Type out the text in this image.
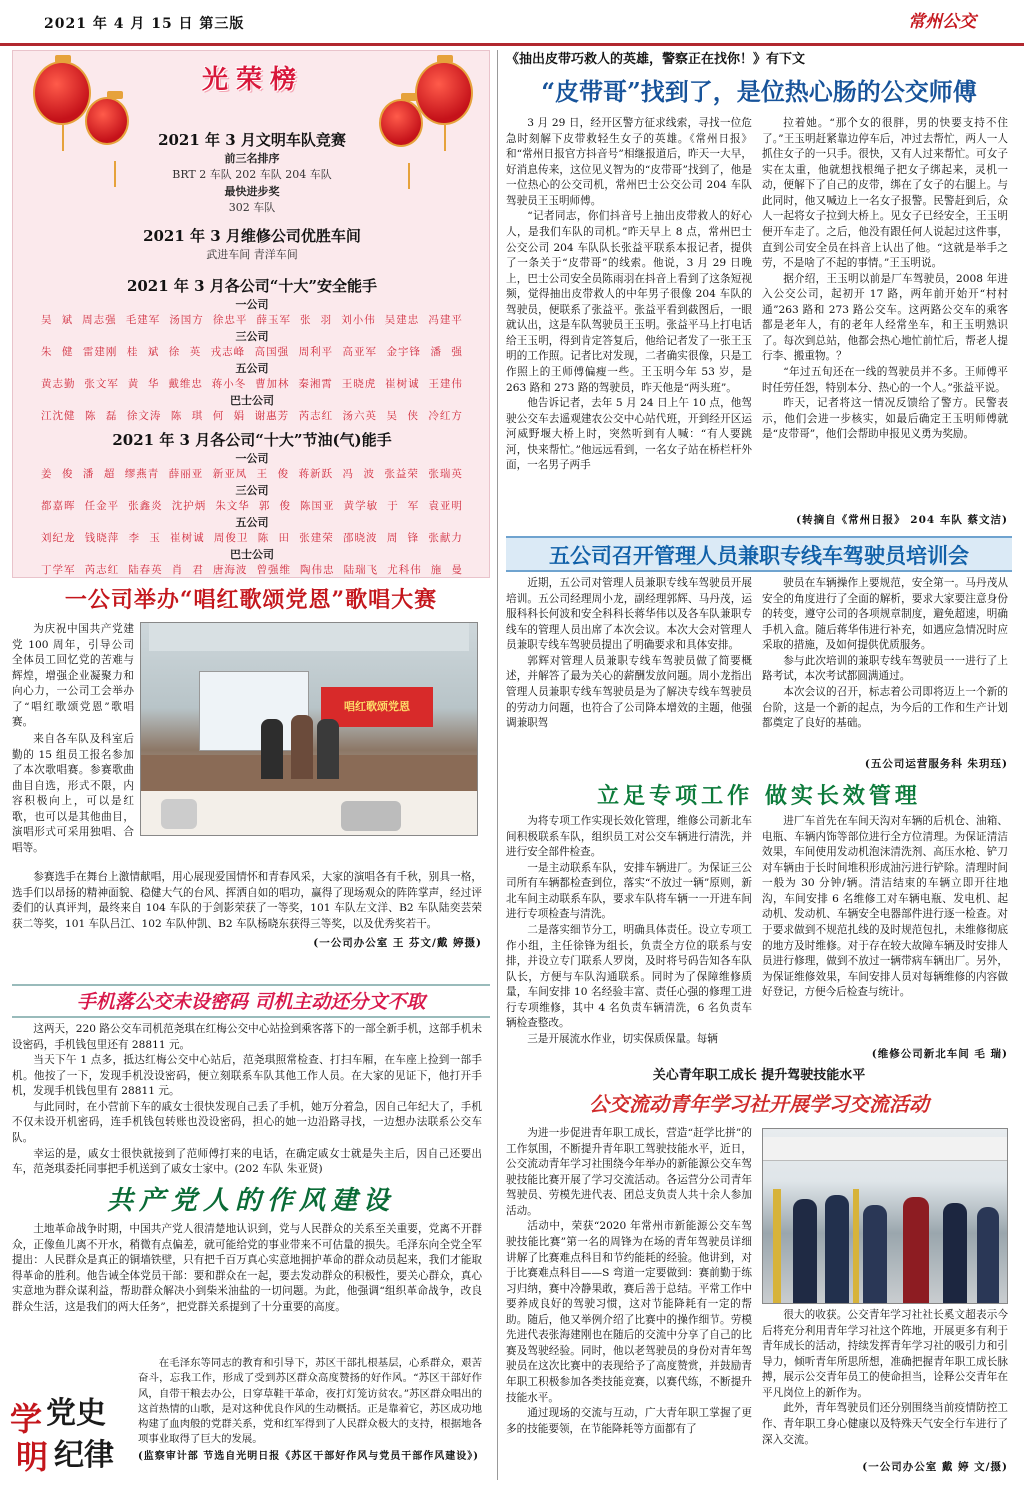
2021 年 4 月 15 日 第三版	常州公交
光荣榜
2021 年 3 月文明车队竞赛
前三名排序
BRT 2 车队 202 车队 204 车队
最快进步奖
302 车队
2021 年 3 月维修公司优胜车间
武进车间 青洋车间
2021 年 3 月各公司“十大”安全能手
一公司
吴 斌 周志强 毛建军 汤国方 徐忠平 薛玉军 张 羽 刘小伟 吴建忠 冯建平
三公司
朱 健 雷建刚 桂 斌 徐 英 戎志峰 高国强 周利平 高亚军 金宇锋 潘 强
五公司
黄志勤 张文军 黄 华 戴维忠 蒋小冬 曹加林 秦湘霄 王晓虎 崔树诚 王建伟
巴士公司
江沈健 陈 磊 徐文涛 陈 琪 何 娟 谢惠芳 芮志红 汤六英 吴 侠 冷红方
2021 年 3 月各公司“十大”节油(气)能手
一公司
姜 俊 潘 超 缪燕青 薛丽亚 新亚凤 王 俊 蒋新跃 冯 波 张益荣 张瑞英
三公司
都嘉晖 任金平 张鑫炎 沈护炳 朱文华 郭 俊 陈国亚 黄学敏 于 军 袁亚明
五公司
刘纪龙 钱晓萍 李 玉 崔树诚 周俊卫 陈 田 张建荣 邵晓波 周 锋 张献力
巴士公司
丁学军 芮志红 陆春英 肖 君 唐海波 曾强维 陶伟忠 陆瑞飞 尤科伟 施 曼
一公司举办“唱红歌颂党恩”歌唱大赛
唱红歌颂党恩

为庆祝中国共产党建党 100 周年，引导公司全体员工回忆党的苦难与辉煌，增强企业凝聚力和向心力，一公司工会举办了“唱红歌颂党恩”歌唱赛。

来自各车队及科室后勤的 15 组员工报名参加了本次歌唱赛。参赛歌曲曲目自选，形式不限，内容积极向上，可以是红歌，也可以是其他曲目，演唱形式可采用独唱、合唱等。

参赛选手在舞台上激情献唱，用心展现爱国情怀和青春风采，大家的演唱各有千秋，别具一格，选手们以昂扬的精神面貌、稳健大气的台风、挥洒自如的唱功，赢得了现场观众的阵阵掌声，经过评委们的认真评判，最终来自 104 车队的于剑影荣获了一等奖，101 车队左文洋、B2 车队陆奕芸荣获二等奖，101 车队吕江、102 车队仲凯、B2 车队杨晓东获得三等奖，以及优秀奖若干。

(一公司办公室 王 芬文/戴 婷摄)
手机落公交未设密码 司机主动还分文不取

这两天，220 路公交车司机范尧琪在红梅公交中心站捡到乘客落下的一部全新手机，这部手机未设密码，手机钱包里还有 28811 元。

当天下午 1 点多，抵达红梅公交中心站后，范尧琪照常检查、打扫车厢，在车座上捡到一部手机。他按了一下，发现手机没设密码，便立刻联系车队其他工作人员。在大家的见证下，他打开手机，发现手机钱包里有 28811 元。

与此同时，在小营前下车的戚女士很快发现自己丢了手机，她万分着急，因自己年纪大了，手机不仅未设开机密码，连手机钱包转账也没设密码，担心的她一边沿路寻找，一边想办法联系公交车队。

幸运的是，戚女士很快就接到了范师傅打来的电话，在确定戚女士就是失主后，因自己还要出车，范尧琪委托同事把手机送到了戚女士家中。(202 车队 朱亚贤)

共产党人的作风建设

土地革命战争时期，中国共产党人很清楚地认识到，党与人民群众的关系至关重要，党离不开群众，正像鱼儿离不开水，稍微有点偏差，就可能给党的事业带来不可估量的损失。毛泽东向全党全军提出：人民群众是真正的铜墙铁壁，只有把千百万真心实意地拥护革命的群众动员起来，我们才能取得革命的胜利。他告诫全体党员干部：要和群众在一起，要去发动群众的积极性，要关心群众，真心实意地为群众谋利益，帮助群众解决小到柴米油盐的一切问题。为此，他强调“组织革命战争，改良群众生活，这是我们的两大任务”，把党群关系提到了十分重要的高度。

学 党史
明 纪律

在毛泽东等同志的教育和引导下，苏区干部扎根基层，心系群众，艰苦奋斗，忘我工作，形成了受到苏区群众高度赞扬的好作风。“苏区干部好作风，自带干粮去办公，日穿草鞋干革命，夜打灯笼访贫农。”苏区群众唱出的这首热情的山歌，是对这种优良作风的生动概括。正是靠着它，苏区成功地构建了血肉般的党群关系，党和红军得到了人民群众极大的支持，根据地各项事业取得了巨大的发展。

(监察审计部 节选自光明日报《苏区干部好作风与党员干部作风建设》)
《抽出皮带巧救人的英雄，警察正在找你！》有下文
“皮带哥”找到了，是位热心肠的公交师傅

3 月 29 日，经开区警方征求线索，寻找一位危急时刻解下皮带救轻生女子的英雄。《常州日报》和“常州日报官方抖音号”相继报道后，昨天一大早，好消息传来，这位见义智为的“皮带哥”找到了，他是一位热心的公交司机，常州巴士公交公司 204 车队驾驶员王玉明师傅。

“记者同志，你们抖音号上抽出皮带救人的好心人，是我们车队的司机。”昨天早上 8 点，常州巴士公交公司 204 车队队长张益平联系本报记者，提供了一条关于“皮带哥”的线索。他说，3 月 29 日晚上，巴士公司安全员陈雨羽在抖音上看到了这条短视频，觉得抽出皮带救人的中年男子很像 204 车队的驾驶员，便联系了张益平。张益平看到截图后，一眼就认出，这是车队驾驶员王玉明。张益平马上打电话给王玉明，得到肯定答复后，他给记者发了一张王玉明的工作照。记者比对发现，二者确实很像，只是工作照上的王师傅偏瘦一些。王玉明今年 53 岁，是 263 路和 273 路的驾驶员，昨天他是“两头班”。

他告诉记者，去年 5 月 24 日上午 10 点，他驾驶公交车去遥观建农公交中心站代班，开到经开区运河威野堰大桥上时，突然听到有人喊：“有人要跳河，快来帮忙。”他远远看到，一名女子站在桥栏杆外面，一名男子两手

拉着她。“那个女的很胖，男的快要支持不住了。”王玉明赶紧靠边停车后，冲过去帮忙，两人一人抓住女子的一只手。很快，又有人过来帮忙。可女子实在太重，他就想找根绳子把女子绑起来，灵机一动，便解下了自己的皮带，绑在了女子的右腿上。与此同时，他又喊边上一名女子报警。民警赶到后，众人一起将女子拉到大桥上。见女子已经安全，王玉明便开车走了。之后，他没有跟任何人说起过这件事，直到公司安全员在抖音上认出了他。“这就是举手之劳，不是啥了不起的事情。”王玉明说。

据介绍，王玉明以前是厂车驾驶员，2008 年进入公交公司，起初开 17 路，两年前开始开“村村通”263 路和 273 路公交车。这两路公交车的乘客都是老年人，有的老年人经常坐车，和王玉明熟识了。每次到总站，他都会热心地忙前忙后，帮老人提行李、搬重物。？

“年过五旬还在一线的驾驶员并不多。王师傅平时任劳任怨，特别本分、热心的一个人。”张益平说。

昨天，记者将这一情况反馈给了警方。民警表示，他们会进一步核实，如最后确定王玉明师傅就是“皮带哥”，他们会帮助申报见义勇为奖励。

(转摘自《常州日报》 204 车队 蔡文洁)
五公司召开管理人员兼职专线车驾驶员培训会

近期，五公司对管理人员兼职专线车驾驶员开展培训。五公司经理周小龙，副经理郭辉、马丹茂，运服科科长何波和安全科科长蒋华伟以及各车队兼职专线车的管理人员出席了本次会议。本次大会对管理人员兼职专线车驾驶员提出了明确要求和具体安排。

郭辉对管理人员兼职专线车驾驶员做了简要概述，并解答了最为关心的薪酬发放问题。周小龙指出管理人员兼职专线车驾驶员是为了解决专线车驾驶员的劳动力问题，也符合了公司降本增效的主题，他强调兼职驾

驶员在车辆操作上要规范，安全第一。马丹茂从安全的角度进行了全面的解析，要求大家要注意身份的转变，遵守公司的各项规章制度，避免超速，明确手机入盒。随后蒋华伟进行补充，如遇应急情况时应采取的措施，及如何提供优质服务。

参与此次培训的兼职专线车驾驶员一一进行了上路考试，本次考试都圆满通过。

本次会议的召开，标志着公司即将迈上一个新的台阶，这是一个新的起点，为今后的工作和生产计划都奠定了良好的基础。

(五公司运营服务科 朱玥珏)
立足专项工作 做实长效管理

为将专项工作实现长效化管理，维修公司新北车间积极联系车队，组织员工对公交车辆进行清洗，并进行安全部件检查。

一是主动联系车队，安排车辆进厂。为保证三公司所有车辆都检查到位，落实“不放过一辆”原则，新北车间主动联系车队，要求车队将车辆一一开进车间进行专项检查与清洗。

二是落实细节分工，明确具体责任。设立专项工作小组，主任徐锋为组长，负责全方位的联系与安排，并设立专门联系人罗岗，及时将号码告知各车队队长，方便与车队沟通联系。同时为了保障维修质量，车间安排 10 名经验丰富、责任心强的修理工进行专项维修，其中 4 名负责车辆清洗，6 名负责车辆检查整改。

三是开展流水作业，切实保质保量。每辆

进厂车首先在车间天沟对车辆的后机仓、油箱、电瓶、车辆内饰等部位进行全方位清理。为保证清洁效果，车间使用发动机泡沫清洗剂、高压水枪、铲刀对车辆由于长时间堆积形成油污进行铲除。清理时间一般为 30 分钟/辆。清洁结束的车辆立即开往地沟，车间安排 6 名维修工对车辆电瓶、发电机、起动机、发动机、车辆安全电器部件进行逐一检查。对于要求做到不规范扎线的及时规范包扎，未维修彻底的地方及时维修。对于存在较大故障车辆及时安排人员进行修理，做到不放过一辆带病车辆出厂。另外，为保证维修效果，车间安排人员对每辆维修的内容做好登记，方便今后检查与统计。

(维修公司新北车间 毛 瑞)
关心青年职工成长 提升驾驶技能水平
公交流动青年学习社开展学习交流活动

为进一步促进青年职工成长，营造“赶学比拼”的工作氛围，不断提升青年职工驾驶技能水平，近日，公交流动青年学习社围绕今年举办的新能源公交车驾驶技能比赛开展了学习交流活动。各运营分公司青年驾驶员、劳模先进代表、团总支负责人共十余人参加活动。

活动中，荣获“2020 年常州市新能源公交车驾驶技能比赛”第一名的周锋为在场的青年驾驶员详细讲解了比赛难点科目和节约能耗的经验。他讲到，对于比赛难点科目——S 弯道一定要做到：赛前勤于练习归纳，赛中冷静果敢，赛后善于总结。平常工作中要养成良好的驾驶习惯，这对节能降耗有一定的帮助。随后，他又举例介绍了比赛中的操作细节。劳模先进代表张海建刚也在随后的交流中分享了自己的比赛及驾驶经验。同时，他以老驾驶员的身份对青年驾驶员在这次比赛中的表现给予了高度赞赏，并鼓励青年职工积极参加各类技能竞赛，以赛代练，不断提升技能水平。

通过现场的交流与互动，广大青年职工掌握了更多的技能要领，在节能降耗等方面都有了

很大的收获。公交青年学习社社长奚文超表示今后将充分利用青年学习社这个阵地，开展更多有利于青年成长的活动，持续发挥青年学习社的吸引力和引导力，倾听青年所思所想，准确把握青年职工成长脉搏，展示公交青年员工的使命担当，诠释公交青年在平凡岗位上的新作为。

此外，青年驾驶员们还分别围绕当前疫情防控工作、青年职工身心健康以及特殊天气安全行车进行了深入交流。

(一公司办公室 戴 婷 文/摄)
